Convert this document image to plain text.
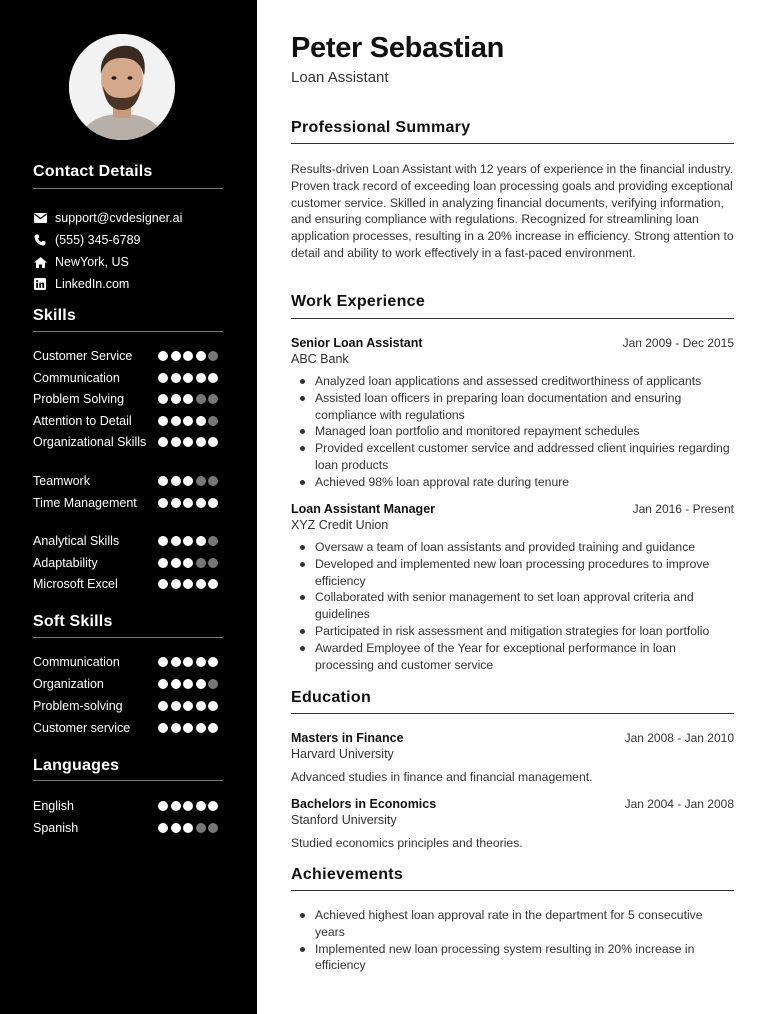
Contact Details
support@cvdesigner.ai
(555) 345-6789
NewYork, US
LinkedIn.com
Skills
Customer Service
Communication
Problem Solving
Attention to Detail
Organizational Skills
Teamwork
Time Management
Analytical Skills
Adaptability
Microsoft Excel
Soft Skills
Communication
Organization
Problem-solving
Customer service
Languages
English
Spanish
Peter Sebastian
Loan Assistant
Professional Summary
Results-driven Loan Assistant with 12 years of experience in the financial industry. Proven track record of exceeding loan processing goals and providing exceptional customer service. Skilled in analyzing financial documents, verifying information, and ensuring compliance with regulations. Recognized for streamlining loan application processes, resulting in a 20% increase in efficiency. Strong attention to detail and ability to work effectively in a fast-paced environment.
Work Experience
Senior Loan Assistant	Jan 2009 - Dec 2015
ABC Bank
Analyzed loan applications and assessed creditworthiness of applicants
Assisted loan officers in preparing loan documentation and ensuring compliance with regulations
Managed loan portfolio and monitored repayment schedules
Provided excellent customer service and addressed client inquiries regarding loan products
Achieved 98% loan approval rate during tenure
Loan Assistant Manager	Jan 2016 - Present
XYZ Credit Union
Oversaw a team of loan assistants and provided training and guidance
Developed and implemented new loan processing procedures to improve efficiency
Collaborated with senior management to set loan approval criteria and guidelines
Participated in risk assessment and mitigation strategies for loan portfolio
Awarded Employee of the Year for exceptional performance in loan processing and customer service
Education
Masters in Finance	Jan 2008 - Jan 2010
Harvard University
Advanced studies in finance and financial management.
Bachelors in Economics	Jan 2004 - Jan 2008
Stanford University
Studied economics principles and theories.
Achievements
Achieved highest loan approval rate in the department for 5 consecutive years
Implemented new loan processing system resulting in 20% increase in efficiency
